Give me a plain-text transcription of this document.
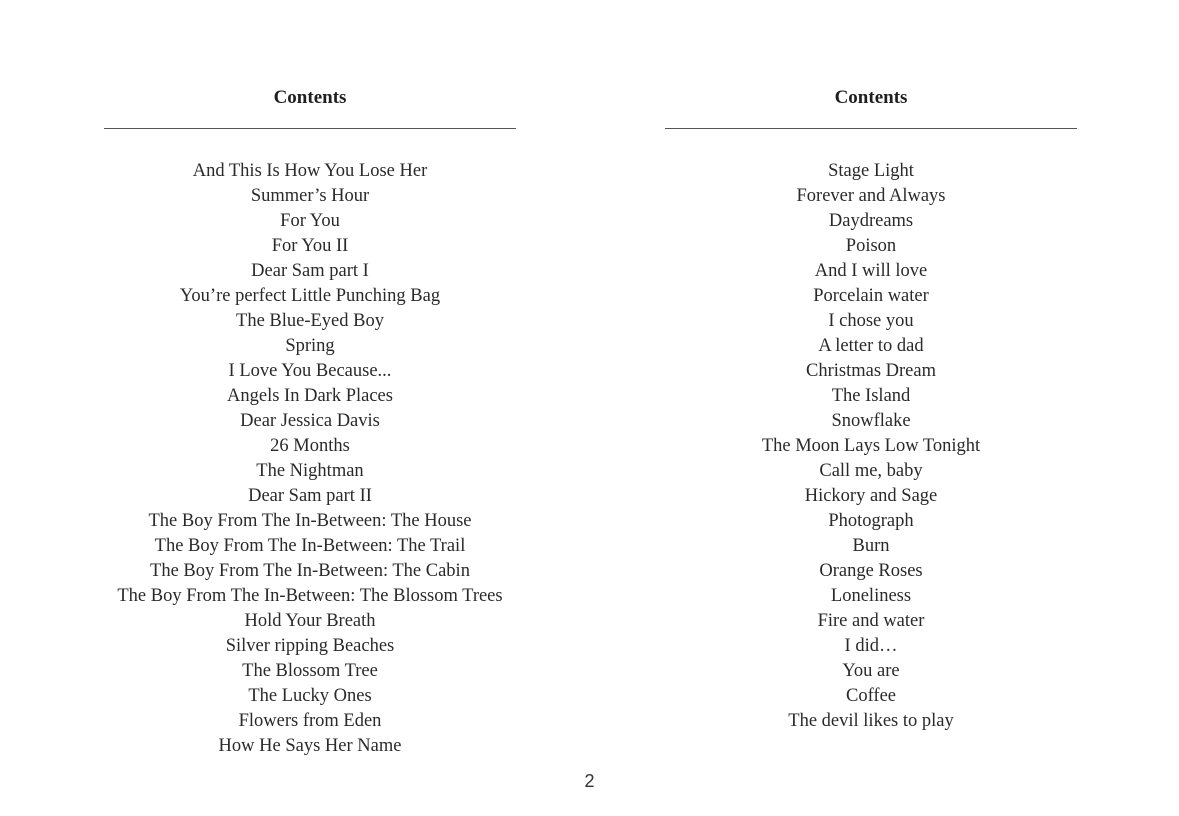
Contents
And This Is How You Lose Her
Summer’s Hour
For You
For You II
Dear Sam part I
You’re perfect Little Punching Bag
The Blue-Eyed Boy
Spring
I Love You Because...
Angels In Dark Places
Dear Jessica Davis
26 Months
The Nightman
Dear Sam part II
The Boy From The In-Between: The House
The Boy From The In-Between: The Trail
The Boy From The In-Between: The Cabin
The Boy From The In-Between: The Blossom Trees
Hold Your Breath
Silver ripping Beaches
The Blossom Tree
The Lucky Ones
Flowers from Eden
How He Says Her Name
Contents
Stage Light
Forever and Always
Daydreams
Poison
And I will love
Porcelain water
I chose you
A letter to dad
Christmas Dream
The Island
Snowflake
The Moon Lays Low Tonight
Call me, baby
Hickory and Sage
Photograph
Burn
Orange Roses
Loneliness
Fire and water
I did…
You are
Coffee
The devil likes to play
2
